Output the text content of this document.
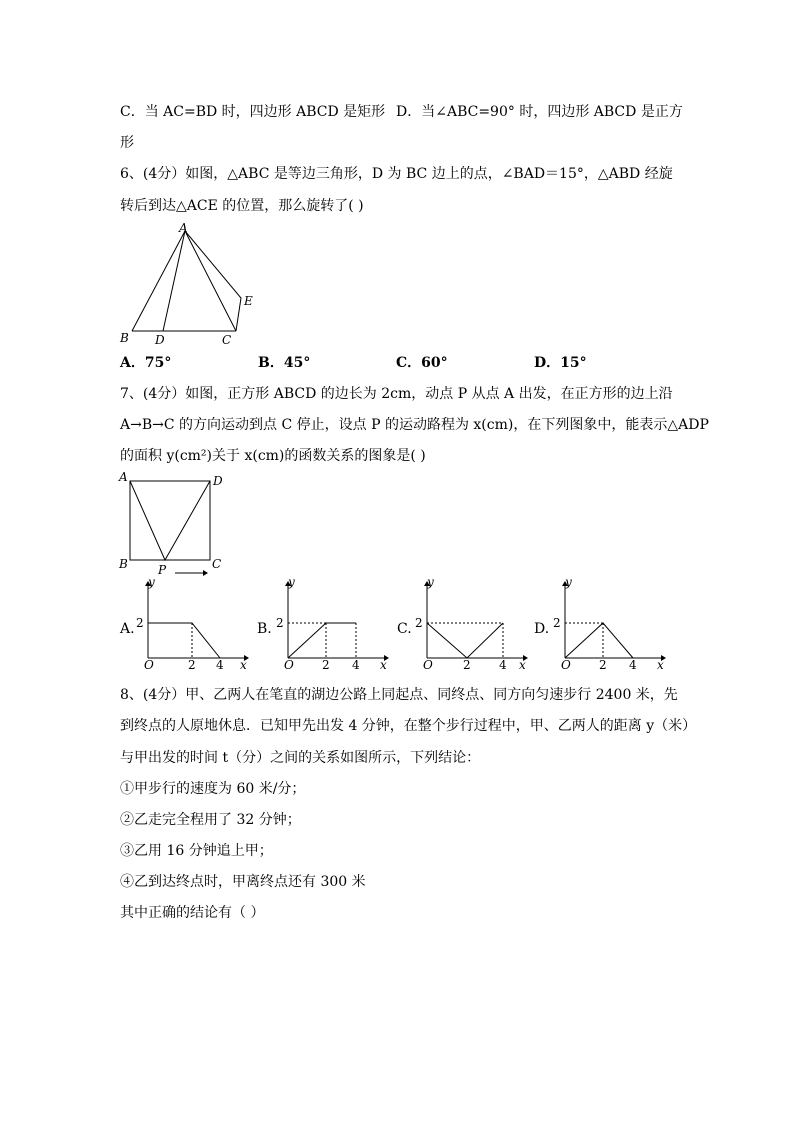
C．当 AC=BD 时，四边形 ABCD 是矩形 D．当∠ABC=90° 时，四边形 ABCD 是正方
形
6、(4分）如图，△ABC 是等边三角形，D 为 BC 边上的点，∠BAD＝15°，△ABD 经旋
转后到达△ACE 的位置，那么旋转了( )
A
B D	C
E
A．75°	B．45°	C．60°	D．15°
7、(4分）如图，正方形 ABCD 的边长为 2cm，动点 P 从点 A 出发，在正方形的边上沿
A→B→C 的方向运动到点 C 停止，设点 P 的运动路程为 x(cm)，在下列图象中，能表示△ADP
的面积 y(cm²)关于 x(cm)的函数关系的图象是( )
A	D
B	C
P
A.	B.	C.	D.
y
x
O
2
2 4
y
x
O
2
2 4
y
x
O
2
2 4
y
x
O
2
2 4
8、(4分）甲、乙两人在笔直的湖边公路上同起点、同终点、同方向匀速步行 2400 米，先
到终点的人原地休息．已知甲先出发 4 分钟，在整个步行过程中，甲、乙两人的距离 y（米）
与甲出发的时间 t（分）之间的关系如图所示，下列结论：
①甲步行的速度为 60 米/分；
②乙走完全程用了 32 分钟；
③乙用 16 分钟追上甲；
④乙到达终点时，甲离终点还有 300 米
其中正确的结论有（ ）
